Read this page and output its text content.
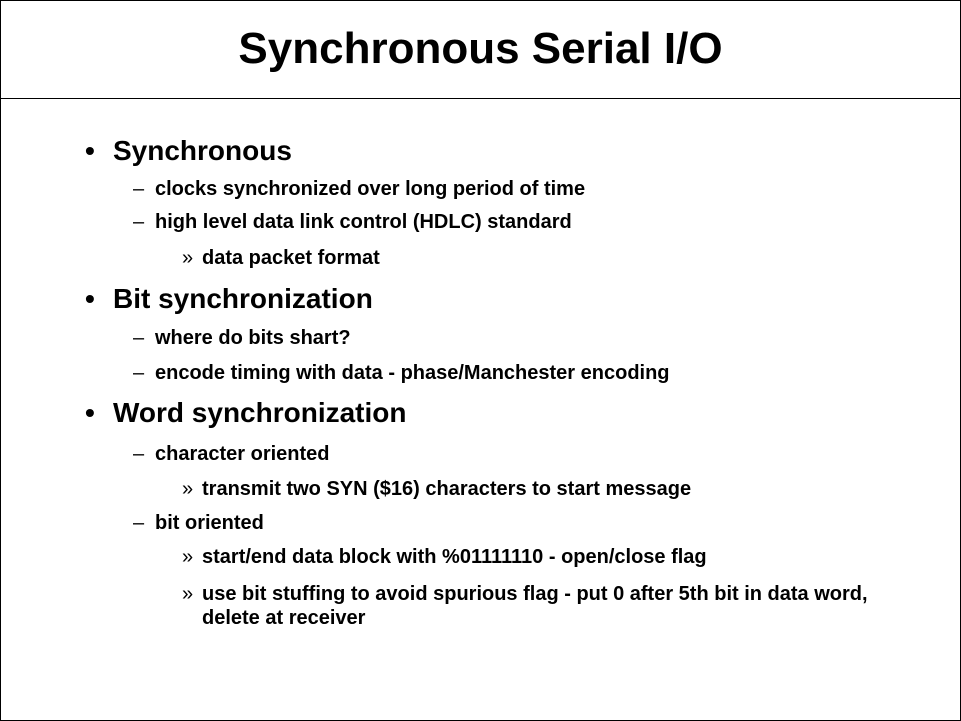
Synchronous Serial I/O
• Synchronous
– clocks synchronized over long period of time
– high level data link control (HDLC) standard
» data packet format
• Bit synchronization
– where do bits shart?
– encode timing with data - phase/Manchester encoding
• Word synchronization
– character oriented
» transmit two SYN ($16) characters to start message
– bit oriented
» start/end data block with %01111110 - open/close flag
» use bit stuffing to avoid spurious flag - put 0 after 5th bit in data word, delete at receiver
